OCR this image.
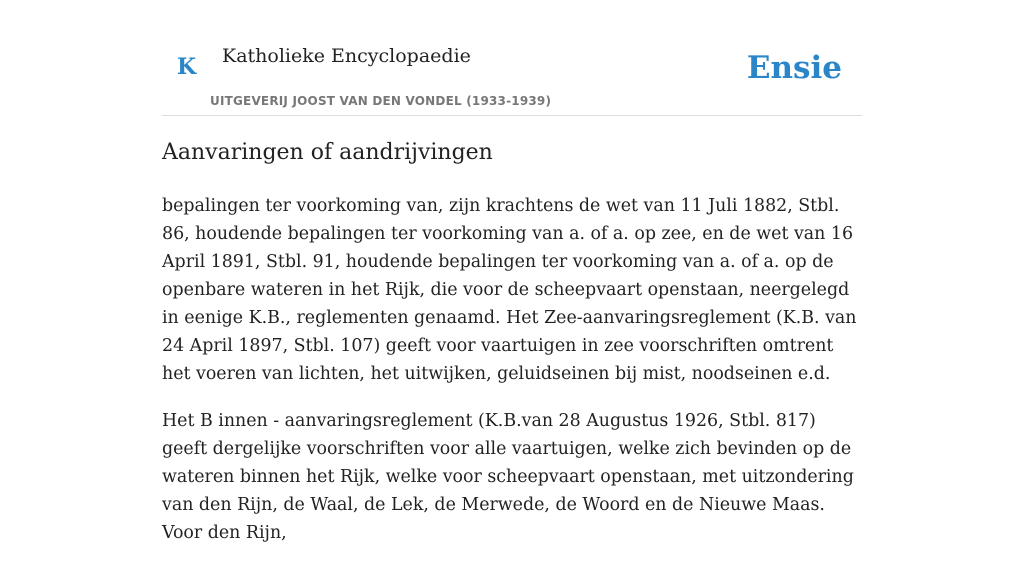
K Katholieke Encyclopaedie
UITGEVERIJ JOOST VAN DEN VONDEL (1933-1939)
Ensie
Aanvaringen of aandrijvingen

bepalingen ter voorkoming van, zijn krachtens de wet van 11 Juli 1882, Stbl. 86, houdende bepalingen ter voorkoming van a. of a. op zee, en de wet van 16 April 1891, Stbl. 91, houdende bepalingen ter voorkoming van a. of a. op de openbare wateren in het Rijk, die voor de scheepvaart openstaan, neergelegd in eenige K.B., reglementen genaamd. Het Zee-aanvaringsreglement (K.B. van 24 April 1897, Stbl. 107) geeft voor vaartuigen in zee voorschriften omtrent het voeren van lichten, het uitwijken, geluidseinen bij mist, noodseinen e.d.

Het B innen - aanvaringsreglement (K.B.van 28 Augustus 1926, Stbl. 817) geeft dergelijke voorschriften voor alle vaartuigen, welke zich bevinden op de wateren binnen het Rijk, welke voor scheepvaart openstaan, met uitzondering van den Rijn, de Waal, de Lek, de Merwede, de Woord en de Nieuwe Maas. Voor den Rijn,
